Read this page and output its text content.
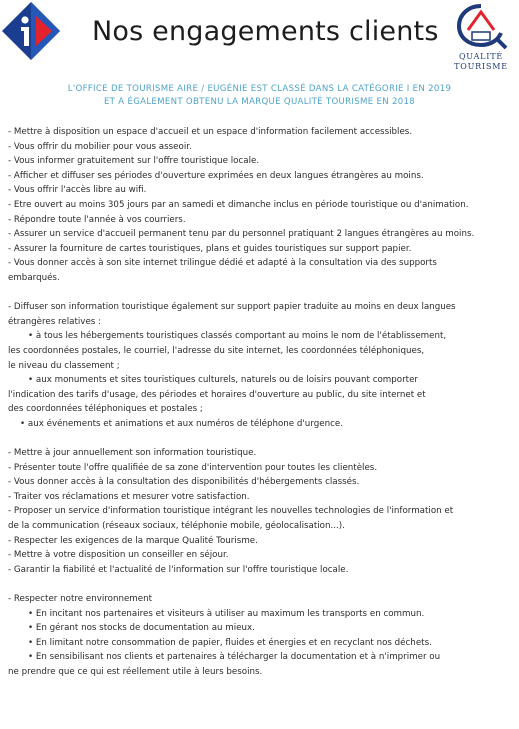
Nos engagements clients
QUALITÉ
TOURISME
L'OFFICE DE TOURISME AIRE / EUGÉNIE EST CLASSÉ DANS LA CATÉGORIE I EN 2019
ET A ÉGALEMENT OBTENU LA MARQUE QUALITÉ TOURISME EN 2018

- Mettre à disposition un espace d'accueil et un espace d'information facilement accessibles.

- Vous offrir du mobilier pour vous asseoir.

- Vous informer gratuitement sur l'offre touristique locale.

- Afficher et diffuser ses périodes d'ouverture exprimées en deux langues étrangères au moins.

- Vous offrir l'accès libre au wifi.

- Etre ouvert au moins 305 jours par an samedi et dimanche inclus en période touristique ou d'animation.

- Répondre toute l'année à vos courriers.

- Assurer un service d'accueil permanent tenu par du personnel pratiquant 2 langues étrangères au moins.

- Assurer la fourniture de cartes touristiques, plans et guides touristiques sur support papier.

- Vous donner accès à son site internet trilingue dédié et adapté à la consultation via des supports

embarqués.

- Diffuser son information touristique également sur support papier traduite au moins en deux langues

étrangères relatives :

• à tous les hébergements touristiques classés comportant au moins le nom de l'établissement,

les coordonnées postales, le courriel, l'adresse du site internet, les coordonnées téléphoniques,

le niveau du classement ;

• aux monuments et sites touristiques culturels, naturels ou de loisirs pouvant comporter

l'indication des tarifs d'usage, des périodes et horaires d'ouverture au public, du site internet et

des coordonnées téléphoniques et postales ;

• aux événements et animations et aux numéros de téléphone d'urgence.

- Mettre à jour annuellement son information touristique.

- Présenter toute l'offre qualifiée de sa zone d'intervention pour toutes les clientèles.

- Vous donner accès à la consultation des disponibilités d'hébergements classés.

- Traiter vos réclamations et mesurer votre satisfaction.

- Proposer un service d'information touristique intégrant les nouvelles technologies de l'information et

de la communication (réseaux sociaux, téléphonie mobile, géolocalisation...).

- Respecter les exigences de la marque Qualité Tourisme.

- Mettre à votre disposition un conseiller en séjour.

- Garantir la fiabilité et l'actualité de l'information sur l'offre touristique locale.

- Respecter notre environnement

• En incitant nos partenaires et visiteurs à utiliser au maximum les transports en commun.

• En gérant nos stocks de documentation au mieux.

• En limitant notre consommation de papier, fluides et énergies et en recyclant nos déchets.

• En sensibilisant nos clients et partenaires à télécharger la documentation et à n'imprimer ou

ne prendre que ce qui est réellement utile à leurs besoins.
